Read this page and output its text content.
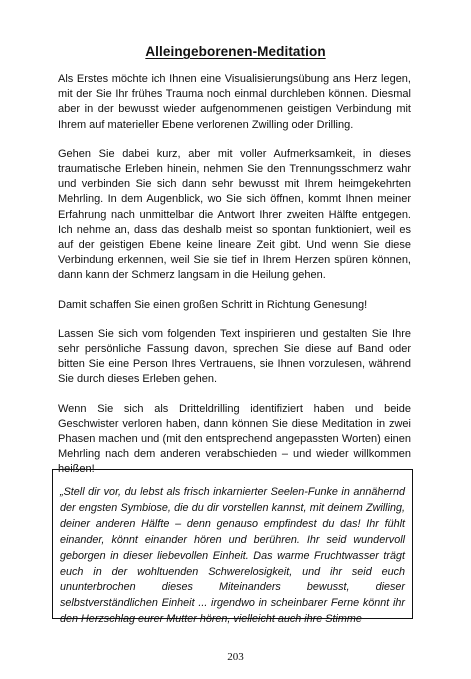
Alleingeborenen-Meditation

Als Erstes möchte ich Ihnen eine Visualisierungsübung ans Herz legen, mit der Sie Ihr frühes Trauma noch einmal durchleben können. Diesmal aber in der bewusst wieder aufgenommenen geistigen Verbindung mit Ihrem auf materieller Ebene verlorenen Zwilling oder Drilling.

Gehen Sie dabei kurz, aber mit voller Aufmerksamkeit, in dieses traumatische Erleben hinein, nehmen Sie den Trennungsschmerz wahr und verbinden Sie sich dann sehr bewusst mit Ihrem heimgekehrten Mehrling. In dem Augenblick, wo Sie sich öffnen, kommt Ihnen meiner Erfahrung nach unmittelbar die Antwort Ihrer zweiten Hälfte entgegen. Ich nehme an, dass das deshalb meist so spontan funktioniert, weil es auf der geistigen Ebene keine lineare Zeit gibt. Und wenn Sie diese Verbindung erkennen, weil Sie sie tief in Ihrem Herzen spüren können, dann kann der Schmerz langsam in die Heilung gehen.

Damit schaffen Sie einen großen Schritt in Richtung Genesung!

Lassen Sie sich vom folgenden Text inspirieren und gestalten Sie Ihre sehr persönliche Fassung davon, sprechen Sie diese auf Band oder bitten Sie eine Person Ihres Vertrauens, sie Ihnen vorzulesen, während Sie durch dieses Erleben gehen.

Wenn Sie sich als Dritteldrilling identifiziert haben und beide Geschwister verloren haben, dann können Sie diese Meditation in zwei Phasen machen und (mit den entsprechend angepassten Worten) einen Mehrling nach dem anderen verabschieden – und wieder willkommen heißen!

„Stell dir vor, du lebst als frisch inkarnierter Seelen-Funke in annähernd der engsten Symbiose, die du dir vorstellen kannst, mit deinem Zwilling, deiner anderen Hälfte – denn genauso empfindest du das! Ihr fühlt einander, könnt einander hören und berühren. Ihr seid wundervoll geborgen in dieser liebevollen Einheit. Das warme Fruchtwasser trägt euch in der wohltuenden Schwerelosigkeit, und ihr seid euch ununterbrochen dieses Miteinanders bewusst, dieser selbstverständlichen Einheit ... irgendwo in scheinbarer Ferne könnt ihr den Herzschlag eurer Mutter hören, vielleicht auch ihre Stimme

203
